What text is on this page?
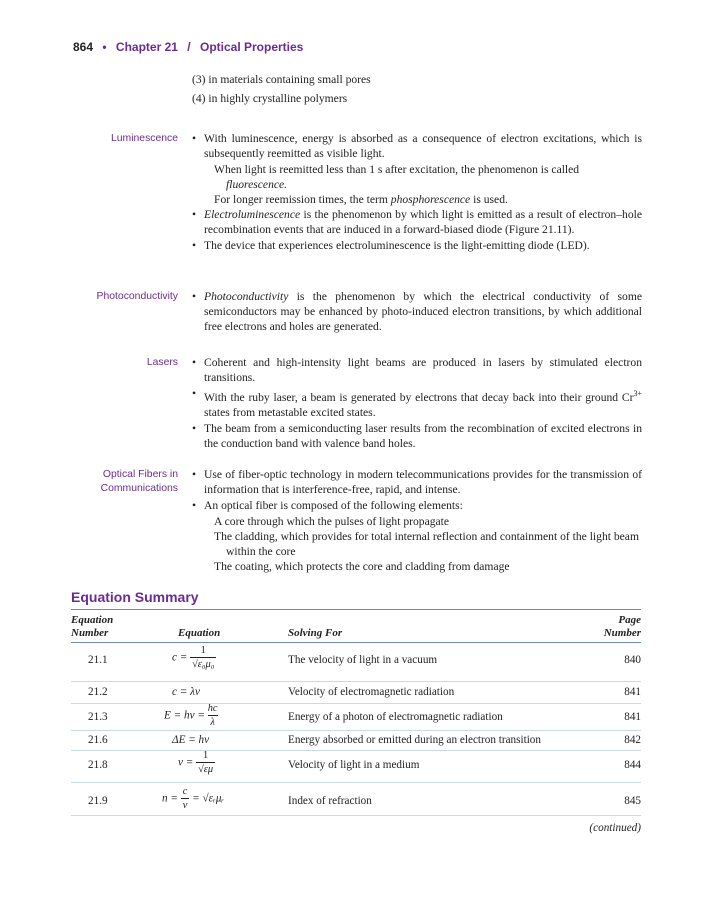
864 • Chapter 21 / Optical Properties
(3) in materials containing small pores
(4) in highly crystalline polymers
Luminescence	• With luminescence, energy is absorbed as a consequence of electron excitations, which is subsequently reemitted as visible light.
When light is reemitted less than 1 s after excitation, the phenomenon is called
fluorescence.
For longer reemission times, the term phosphorescence is used.
• Electroluminescence is the phenomenon by which light is emitted as a result of electron–hole recombination events that are induced in a forward-biased diode (Figure 21.11).
• The device that experiences electroluminescence is the light-emitting diode (LED).
Photoconductivity	• Photoconductivity is the phenomenon by which the electrical conductivity of some semiconductors may be enhanced by photo-induced electron transitions, by which additional free electrons and holes are generated.
Lasers	• Coherent and high-intensity light beams are produced in lasers by stimulated electron transitions.
• With the ruby laser, a beam is generated by electrons that decay back into their ground $Cr^{3+}$ states from metastable excited states.
• The beam from a semiconducting laser results from the recombination of excited electrons in the conduction band with valence band holes.
Optical Fibers in
Communications
• Use of fiber-optic technology in modern telecommunications provides for the transmission of information that is interference-free, rapid, and intense.
• An optical fiber is composed of the following elements:
A core through which the pulses of light propagate
The cladding, which provides for total internal reflection and containment of the light beam within the core
The coating, which protects the core and cladding from damage
Equation Summary
Equation
Number	Equation	Solving For
Page
Number
21.1	$c = \frac{1}{\text{√ε₀μ₀}}$	The velocity of light in a vacuum	840
21.2	c = λν	Velocity of electromagnetic radiation	841
21.3	$E = h\nu = \frac{hc}{\lambda}$	Energy of a photon of electromagnetic radiation	841
21.6	ΔE = hν	Energy absorbed or emitted during an electron transition	842
21.8	$v = \frac{1}{√\varepsilon\mu}$	Velocity of light in a medium	844
21.9	$n = \frac{c}{v}$ = √εᵣμᵣ	Index of refraction	845
(continued)
